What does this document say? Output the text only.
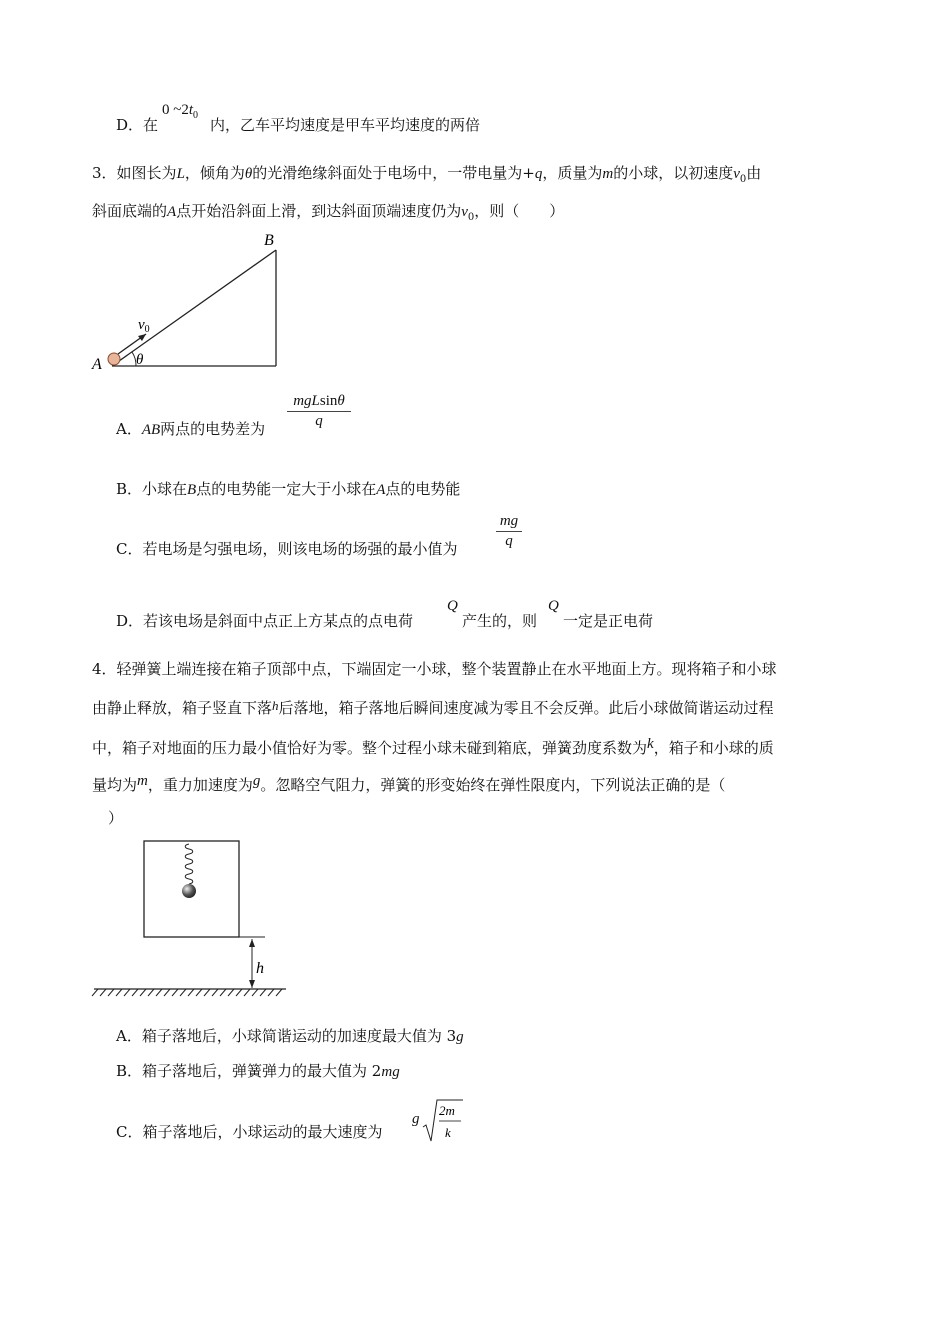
D．在
0 $\sim 2t_0$
内，乙车平均速度是甲车平均速度的两倍
3．如图长为L，倾角为θ的光滑绝缘斜面处于电场中，一带电量为+q，质量为m的小球，以初速度$v_0$由
斜面底端的A点开始沿斜面上滑，到达斜面顶端速度仍为$v_0$，则（　　）
B
A
$v_0$
θ
A．AB两点的电势差为
mgLsinθ
q
B．小球在B点的电势能一定大于小球在A点的电势能
C．若电场是匀强电场，则该电场的场强的最小值为
mg
q
D．若该电场是斜面中点正上方某点的点电荷
Q
产生的，则
Q
一定是正电荷
4．轻弹簧上端连接在箱子顶部中点，下端固定一小球，整个装置静止在水平地面上方。现将箱子和小球
由静止释放，箱子竖直下落h后落地，箱子落地后瞬间速度减为零且不会反弹。此后小球做简谐运动过程
中，箱子对地面的压力最小值恰好为零。整个过程小球未碰到箱底，弹簧劲度系数为k，箱子和小球的质
量均为m，重力加速度为g。忽略空气阻力，弹簧的形变始终在弹性限度内，下列说法正确的是（
）
h
A．箱子落地后，小球简谐运动的加速度最大值为 3g
B．箱子落地后，弹簧弹力的最大值为 2mg
C．箱子落地后，小球运动的最大速度为
g
2m
k
